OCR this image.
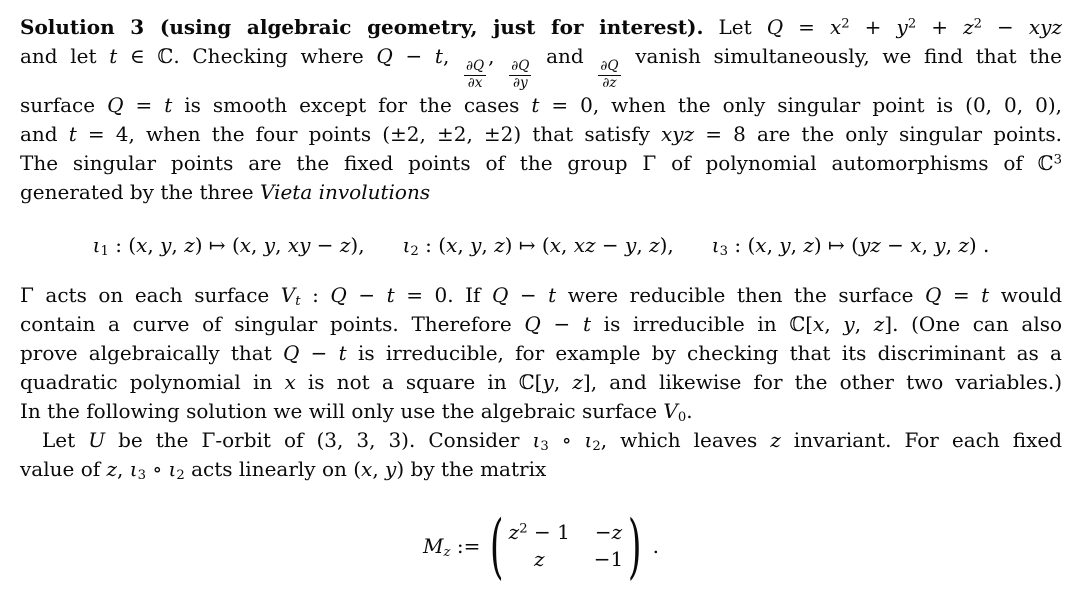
Solution 3 (using algebraic geometry, just for interest). Let $Q = x^2 + y^2 + z^2$ − xyz
and let t ∈ ℂ. Checking where Q − t,
$\frac{\partial Q}{\partial x}$
,
$\frac{\partial Q}{\partial y}$
and
$\frac{\partial Q}{\partial z}$
vanish simultaneously, we find that the
surface Q = t is smooth except for the cases t = 0, when the only singular point is (0, 0, 0),
and t = 4, when the four points (±2, ±2, ±2) that satisfy xyz = 8 are the only singular points.
The singular points are the fixed points of the group Γ of polynomial automorphisms of ℂ$^3$
generated by the three Vieta involutions
$\iota_1$ : (x, y, z) ↦ (x, y, xy − z), $\iota_2$ : (x, y, z) ↦ (x, xz − y, z), $\iota_3$ : (x, y, z) ↦ (yz − x, y, z) .
Γ acts on each surface $V_t$ : Q − t = 0. If Q − t were reducible then the surface Q = t would
contain a curve of singular points. Therefore Q − t is irreducible in ℂ[x, y, z]. (One can also
prove algebraically that Q − t is irreducible, for example by checking that its discriminant as a
quadratic polynomial in x is not a square in ℂ[y, z], and likewise for the other two variables.)
In the following solution we will only use the algebraic surface $V_0$.
Let U be the Γ-orbit of (3, 3, 3). Consider $\iota_3$ ∘ $\iota_2$, which leaves z invariant. For each fixed
value of z, $\iota_3$ ∘ $\iota_2$ acts linearly on (x, y) by the matrix
$M_z$ := ( $z^2 - 1 -z$
z	−1 ) .
